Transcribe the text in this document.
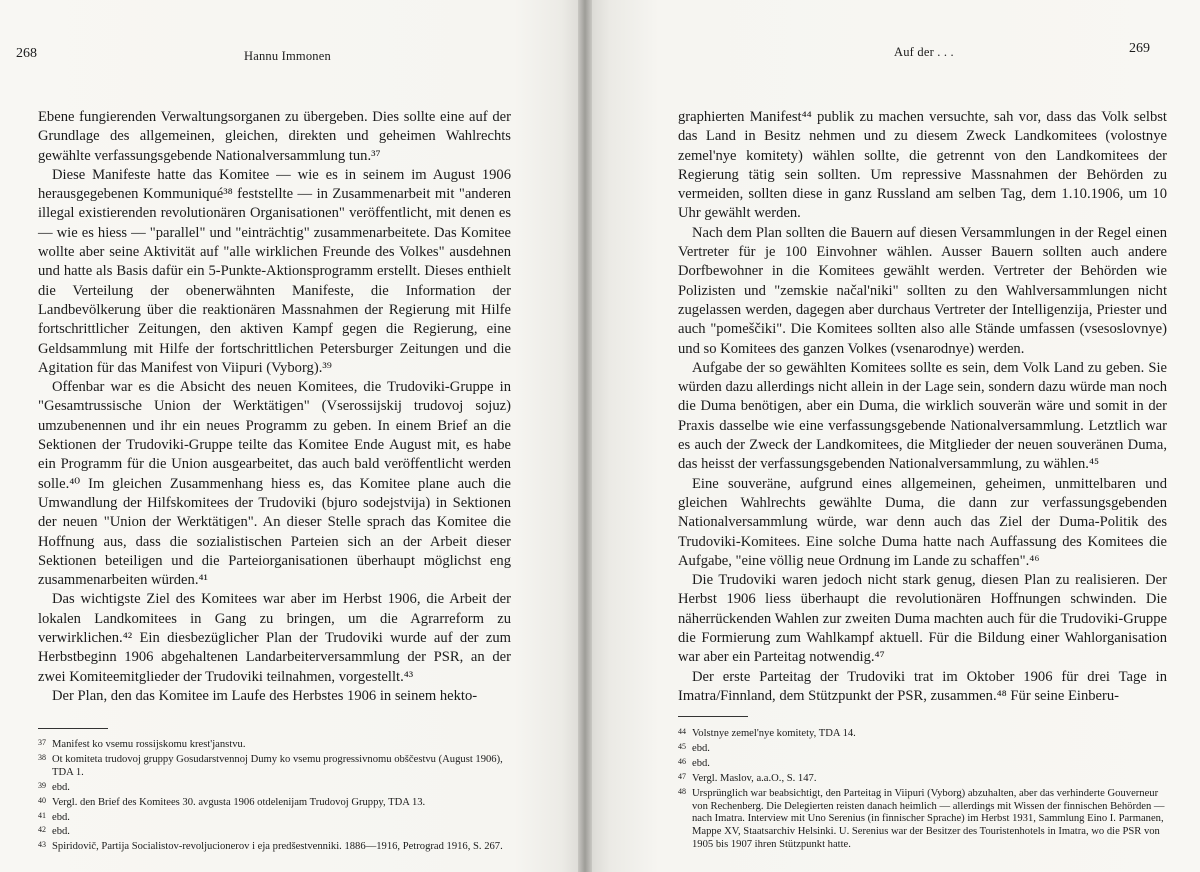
268	Hannu Immonen

Ebene fungierenden Verwaltungsorganen zu übergeben. Dies sollte eine auf der Grundlage des allgemeinen, gleichen, direkten und geheimen Wahlrechts gewählte verfassungsgebende Nationalversammlung tun.³⁷

Diese Manifeste hatte das Komitee — wie es in seinem im August 1906 herausgegebenen Kommuniqué³⁸ feststellte — in Zusammenarbeit mit "anderen illegal existierenden revolutionären Organisationen" veröffentlicht, mit denen es — wie es hiess — "parallel" und "einträchtig" zusammenarbeitete. Das Komitee wollte aber seine Aktivität auf "alle wirklichen Freunde des Volkes" ausdehnen und hatte als Basis dafür ein 5-Punkte-Aktionsprogramm erstellt. Dieses enthielt die Verteilung der obenerwähnten Manifeste, die Information der Landbevölkerung über die reaktionären Massnahmen der Regierung mit Hilfe fortschrittlicher Zeitungen, den aktiven Kampf gegen die Regierung, eine Geldsammlung mit Hilfe der fortschrittlichen Petersburger Zeitungen und die Agitation für das Manifest von Viipuri (Vyborg).³⁹

Offenbar war es die Absicht des neuen Komitees, die Trudoviki-Gruppe in "Gesamtrussische Union der Werktätigen" (Vserossijskij trudovoj sojuz) umzubenennen und ihr ein neues Programm zu geben. In einem Brief an die Sektionen der Trudoviki-Gruppe teilte das Komitee Ende August mit, es habe ein Programm für die Union ausgearbeitet, das auch bald veröffentlicht werden solle.⁴⁰ Im gleichen Zusammenhang hiess es, das Komitee plane auch die Umwandlung der Hilfskomitees der Trudoviki (bjuro sodejstvija) in Sektionen der neuen "Union der Werktätigen". An dieser Stelle sprach das Komitee die Hoffnung aus, dass die sozialistischen Parteien sich an der Arbeit dieser Sektionen beteiligen und die Parteiorganisationen überhaupt möglichst eng zusammenarbeiten würden.⁴¹

Das wichtigste Ziel des Komitees war aber im Herbst 1906, die Arbeit der lokalen Landkomitees in Gang zu bringen, um die Agrarreform zu verwirklichen.⁴² Ein diesbezüglicher Plan der Trudoviki wurde auf der zum Herbstbeginn 1906 abgehaltenen Landarbeiterversammlung der PSR, an der zwei Komiteemitglieder der Trudoviki teilnahmen, vorgestellt.⁴³

Der Plan, den das Komitee im Laufe des Herbstes 1906 in seinem hekto-

37 Manifest ko vsemu rossijskomu krest'janstvu.

38 Ot komiteta trudovoj gruppy Gosudarstvennoj Dumy ko vsemu progressivnomu obščestvu (August 1906), TDA 1.

39 ebd.

40 Vergl. den Brief des Komitees 30. avgusta 1906 otdelenijam Trudovoj Gruppy, TDA 13.

41 ebd.

42 ebd.

43 Spiridovič, Partija Socialistov-revoljucionerov i eja predšestvenniki. 1886—1916, Petrograd 1916, S. 267.

Auf der . . .	269

graphierten Manifest⁴⁴ publik zu machen versuchte, sah vor, dass das Volk selbst das Land in Besitz nehmen und zu diesem Zweck Landkomitees (volostnye zemel'nye komitety) wählen sollte, die getrennt von den Landkomitees der Regierung tätig sein sollten. Um repressive Massnahmen der Behörden zu vermeiden, sollten diese in ganz Russland am selben Tag, dem 1.10.1906, um 10 Uhr gewählt werden.

Nach dem Plan sollten die Bauern auf diesen Versammlungen in der Regel einen Vertreter für je 100 Einvohner wählen. Ausser Bauern sollten auch andere Dorfbewohner in die Komitees gewählt werden. Vertreter der Behörden wie Polizisten und "zemskie načal'niki" sollten zu den Wahlversammlungen nicht zugelassen werden, dagegen aber durchaus Vertreter der Intelligenzija, Priester und auch "pomeščiki". Die Komitees sollten also alle Stände umfassen (vsesoslovnye) und so Komitees des ganzen Volkes (vsenarodnye) werden.

Aufgabe der so gewählten Komitees sollte es sein, dem Volk Land zu geben. Sie würden dazu allerdings nicht allein in der Lage sein, sondern dazu würde man noch die Duma benötigen, aber ein Duma, die wirklich souverän wäre und somit in der Praxis dasselbe wie eine verfassungsgebende Nationalversammlung. Letztlich war es auch der Zweck der Landkomitees, die Mitglieder der neuen souveränen Duma, das heisst der verfassungsgebenden Nationalversammlung, zu wählen.⁴⁵

Eine souveräne, aufgrund eines allgemeinen, geheimen, unmittelbaren und gleichen Wahlrechts gewählte Duma, die dann zur verfassungsgebenden Nationalversammlung würde, war denn auch das Ziel der Duma-Politik des Trudoviki-Komitees. Eine solche Duma hatte nach Auffassung des Komitees die Aufgabe, "eine völlig neue Ordnung im Lande zu schaffen".⁴⁶

Die Trudoviki waren jedoch nicht stark genug, diesen Plan zu realisieren. Der Herbst 1906 liess überhaupt die revolutionären Hoffnungen schwinden. Die näherrückenden Wahlen zur zweiten Duma machten auch für die Trudoviki-Gruppe die Formierung zum Wahlkampf aktuell. Für die Bildung einer Wahlorganisation war aber ein Parteitag notwendig.⁴⁷

Der erste Parteitag der Trudoviki trat im Oktober 1906 für drei Tage in Imatra/Finnland, dem Stützpunkt der PSR, zusammen.⁴⁸ Für seine Einberu-

44 Volstnye zemel'nye komitety, TDA 14.

45 ebd.

46 ebd.

47 Vergl. Maslov, a.a.O., S. 147.

48 Ursprünglich war beabsichtigt, den Parteitag in Viipuri (Vyborg) abzuhalten, aber das verhinderte Gouverneur von Rechenberg. Die Delegierten reisten danach heimlich — allerdings mit Wissen der finnischen Behörden — nach Imatra. Interview mit Uno Serenius (in finnischer Sprache) im Herbst 1931, Sammlung Eino I. Parmanen, Mappe XV, Staatsarchiv Helsinki. U. Serenius war der Besitzer des Touristenhotels in Imatra, wo die PSR von 1905 bis 1907 ihren Stützpunkt hatte.
